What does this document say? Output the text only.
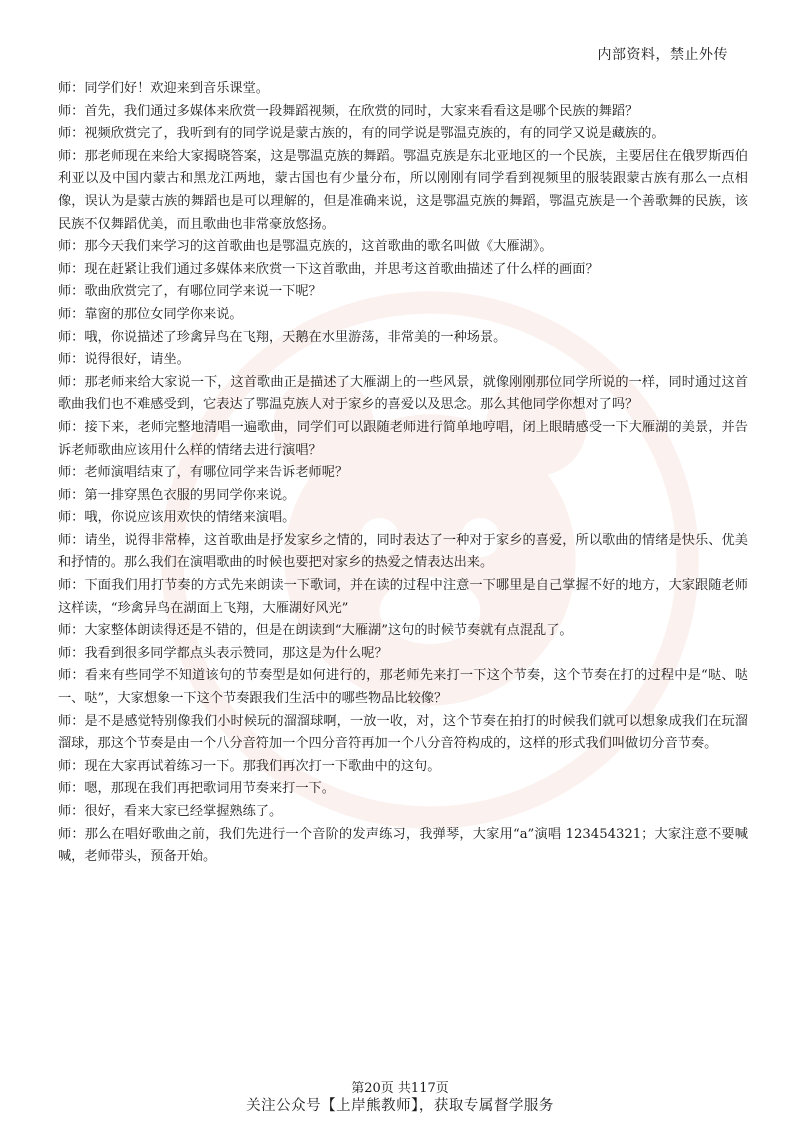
内部资料，禁止外传

师：同学们好！欢迎来到音乐课堂。

师：首先，我们通过多媒体来欣赏一段舞蹈视频，在欣赏的同时，大家来看看这是哪个民族的舞蹈？

师：视频欣赏完了，我听到有的同学说是蒙古族的，有的同学说是鄂温克族的，有的同学又说是藏族的。

师：那老师现在来给大家揭晓答案，这是鄂温克族的舞蹈。鄂温克族是东北亚地区的一个民族，主要居住在俄罗斯西伯利亚以及中国内蒙古和黑龙江两地，蒙古国也有少量分布，所以刚刚有同学看到视频里的服装跟蒙古族有那么一点相像，误认为是蒙古族的舞蹈也是可以理解的，但是准确来说，这是鄂温克族的舞蹈，鄂温克族是一个善歌舞的民族，该民族不仅舞蹈优美，而且歌曲也非常豪放悠扬。

师：那今天我们来学习的这首歌曲也是鄂温克族的，这首歌曲的歌名叫做《大雁湖》。

师：现在赶紧让我们通过多媒体来欣赏一下这首歌曲，并思考这首歌曲描述了什么样的画面？

师：歌曲欣赏完了，有哪位同学来说一下呢？

师：靠窗的那位女同学你来说。

师：哦，你说描述了珍禽异鸟在飞翔，天鹅在水里游荡，非常美的一种场景。

师：说得很好，请坐。

师：那老师来给大家说一下，这首歌曲正是描述了大雁湖上的一些风景，就像刚刚那位同学所说的一样，同时通过这首歌曲我们也不难感受到，它表达了鄂温克族人对于家乡的喜爱以及思念。那么其他同学你想对了吗？

师：接下来，老师完整地清唱一遍歌曲，同学们可以跟随老师进行简单地哼唱，闭上眼睛感受一下大雁湖的美景，并告诉老师歌曲应该用什么样的情绪去进行演唱？

师：老师演唱结束了，有哪位同学来告诉老师呢？

师：第一排穿黑色衣服的男同学你来说。

师：哦，你说应该用欢快的情绪来演唱。

师：请坐，说得非常棒，这首歌曲是抒发家乡之情的，同时表达了一种对于家乡的喜爱，所以歌曲的情绪是快乐、优美和抒情的。那么我们在演唱歌曲的时候也要把对家乡的热爱之情表达出来。

师：下面我们用打节奏的方式先来朗读一下歌词，并在读的过程中注意一下哪里是自己掌握不好的地方，大家跟随老师这样读，“珍禽异鸟在湖面上飞翔，大雁湖好风光”

师：大家整体朗读得还是不错的，但是在朗读到“大雁湖”这句的时候节奏就有点混乱了。

师：我看到很多同学都点头表示赞同，那这是为什么呢？

师：看来有些同学不知道该句的节奏型是如何进行的，那老师先来打一下这个节奏，这个节奏在打的过程中是“哒、哒一、哒”，大家想象一下这个节奏跟我们生活中的哪些物品比较像？

师：是不是感觉特别像我们小时候玩的溜溜球啊，一放一收，对，这个节奏在拍打的时候我们就可以想象成我们在玩溜溜球，那这个节奏是由一个八分音符加一个四分音符再加一个八分音符构成的，这样的形式我们叫做切分音节奏。

师：现在大家再试着练习一下。那我们再次打一下歌曲中的这句。

师：嗯，那现在我们再把歌词用节奏来打一下。

师：很好，看来大家已经掌握熟练了。

师：那么在唱好歌曲之前，我们先进行一个音阶的发声练习，我弹琴，大家用“a”演唱 123454321；大家注意不要喊喊，老师带头，预备开始。

第20页 共117页
关注公众号【上岸熊教师】，获取专属督学服务
